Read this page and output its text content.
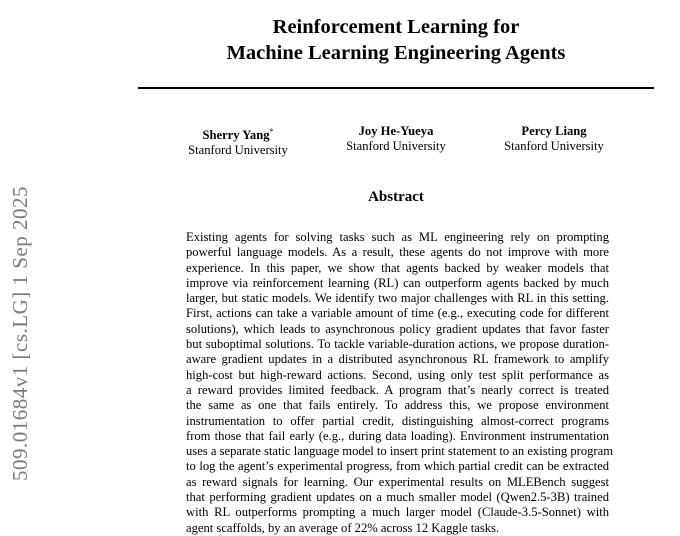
Reinforcement Learning for
Machine Learning Engineering Agents
Sherry Yang*
Stanford University
Joy He-Yueya
Stanford University
Percy Liang
Stanford University
Abstract
Existing agents for solving tasks such as ML engineering rely on prompting
powerful language models. As a result, these agents do not improve with more
experience. In this paper, we show that agents backed by weaker models that
improve via reinforcement learning (RL) can outperform agents backed by much
larger, but static models. We identify two major challenges with RL in this setting.
First, actions can take a variable amount of time (e.g., executing code for different
solutions), which leads to asynchronous policy gradient updates that favor faster
but suboptimal solutions. To tackle variable-duration actions, we propose duration-
aware gradient updates in a distributed asynchronous RL framework to amplify
high-cost but high-reward actions. Second, using only test split performance as
a reward provides limited feedback. A program that’s nearly correct is treated
the same as one that fails entirely. To address this, we propose environment
instrumentation to offer partial credit, distinguishing almost-correct programs
from those that fail early (e.g., during data loading). Environment instrumentation
uses a separate static language model to insert print statement to an existing program
to log the agent’s experimental progress, from which partial credit can be extracted
as reward signals for learning. Our experimental results on MLEBench suggest
that performing gradient updates on a much smaller model (Qwen2.5-3B) trained
with RL outperforms prompting a much larger model (Claude-3.5-Sonnet) with
agent scaffolds, by an average of 22% across 12 Kaggle tasks.
509.01684v1 [cs.LG] 1 Sep 2025
